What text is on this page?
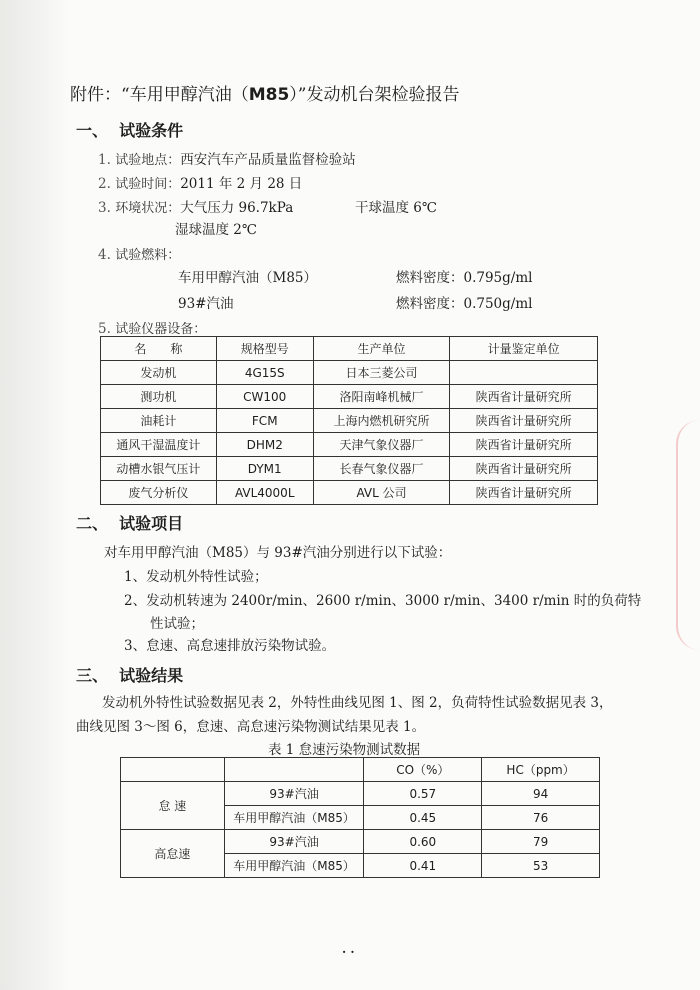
附件：“车用甲醇汽油（M85）”发动机台架检验报告
一、 试验条件
1. 试验地点：西安汽车产品质量监督检验站
2. 试验时间：2011 年 2 月 28 日
3. 环境状况：大气压力 96.7kPa	干球温度 6℃
湿球温度 2℃
4. 试验燃料：
车用甲醇汽油（M85）	燃料密度：0.795g/ml
93#汽油	燃料密度：0.750g/ml
5. 试验仪器设备：
名　　称	规格型号	生产单位	计量鉴定单位
发动机	4G15S	日本三菱公司	
测功机	CW100	洛阳南峰机械厂	陕西省计量研究所
油耗计	FCM	上海内燃机研究所	陕西省计量研究所
通风干湿温度计	DHM2	天津气象仪器厂	陕西省计量研究所
动槽水银气压计	DYM1	长春气象仪器厂	陕西省计量研究所
废气分析仪	AVL4000L	AVL 公司	陕西省计量研究所
二、 试验项目
对车用甲醇汽油（M85）与 93#汽油分别进行以下试验：
1、发动机外特性试验；
2、发动机转速为 2400r/min、2600 r/min、3000 r/min、3400 r/min 时的负荷特
性试验；
3、怠速、高怠速排放污染物试验。
三、 试验结果
发动机外特性试验数据见表 2，外特性曲线见图 1、图 2，负荷特性试验数据见表 3，
曲线见图 3～图 6，怠速、高怠速污染物测试结果见表 1。
表 1 怠速污染物测试数据
		CO（%）	HC（ppm）
怠 速	93#汽油	0.57	94
	车用甲醇汽油（M85）	0.45	76
高怠速	93#汽油	0.60	79
	车用甲醇汽油（M85）	0.41	53
· ·
